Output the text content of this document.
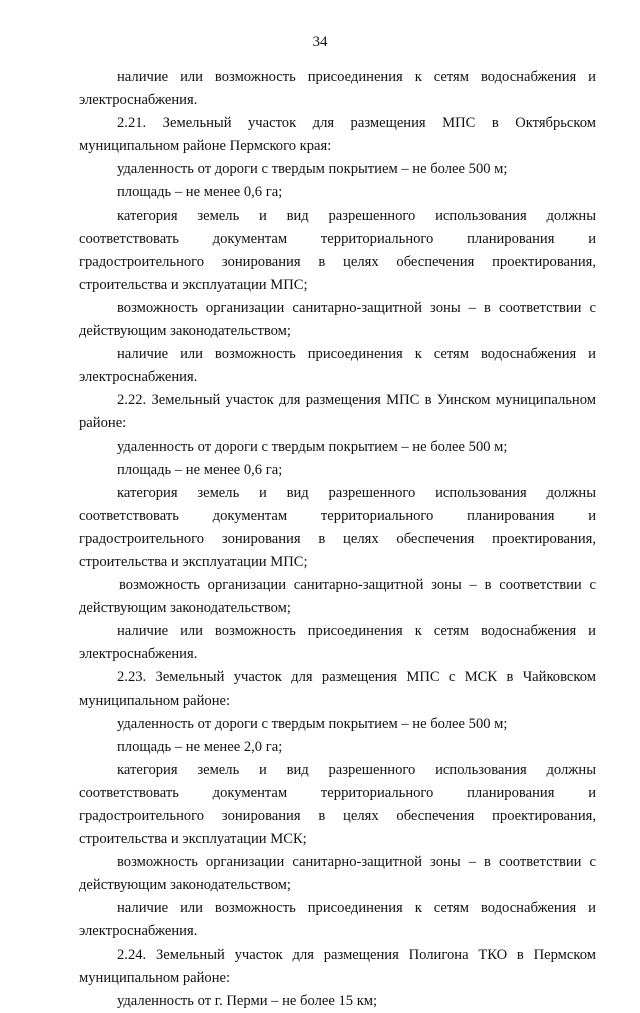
34

наличие или возможность присоединения к сетям водоснабжения и электроснабжения.

2.21. Земельный участок для размещения МПС в Октябрьском муниципальном районе Пермского края:

удаленность от дороги с твердым покрытием – не более 500 м;

площадь – не менее 0,6 га;

категория земель и вид разрешенного использования должны соответствовать документам территориального планирования и градостроительного зонирования в целях обеспечения проектирования, строительства и эксплуатации МПС;

возможность организации санитарно-защитной зоны – в соответствии с действующим законодательством;

наличие или возможность присоединения к сетям водоснабжения и электроснабжения.

2.22. Земельный участок для размещения МПС в Уинском муниципальном районе:

удаленность от дороги с твердым покрытием – не более 500 м;

площадь – не менее 0,6 га;

категория земель и вид разрешенного использования должны соответствовать документам территориального планирования и градостроительного зонирования в целях обеспечения проектирования, строительства и эксплуатации МПС;

возможность организации санитарно-защитной зоны – в соответствии с действующим законодательством;

наличие или возможность присоединения к сетям водоснабжения и электроснабжения.

2.23. Земельный участок для размещения МПС с МСК в Чайковском муниципальном районе:

удаленность от дороги с твердым покрытием – не более 500 м;

площадь – не менее 2,0 га;

категория земель и вид разрешенного использования должны соответствовать документам территориального планирования и градостроительного зонирования в целях обеспечения проектирования, строительства и эксплуатации МСК;

возможность организации санитарно-защитной зоны – в соответствии с действующим законодательством;

наличие или возможность присоединения к сетям водоснабжения и электроснабжения.

2.24. Земельный участок для размещения Полигона ТКО в Пермском муниципальном районе:

удаленность от г. Перми – не более 15 км;
